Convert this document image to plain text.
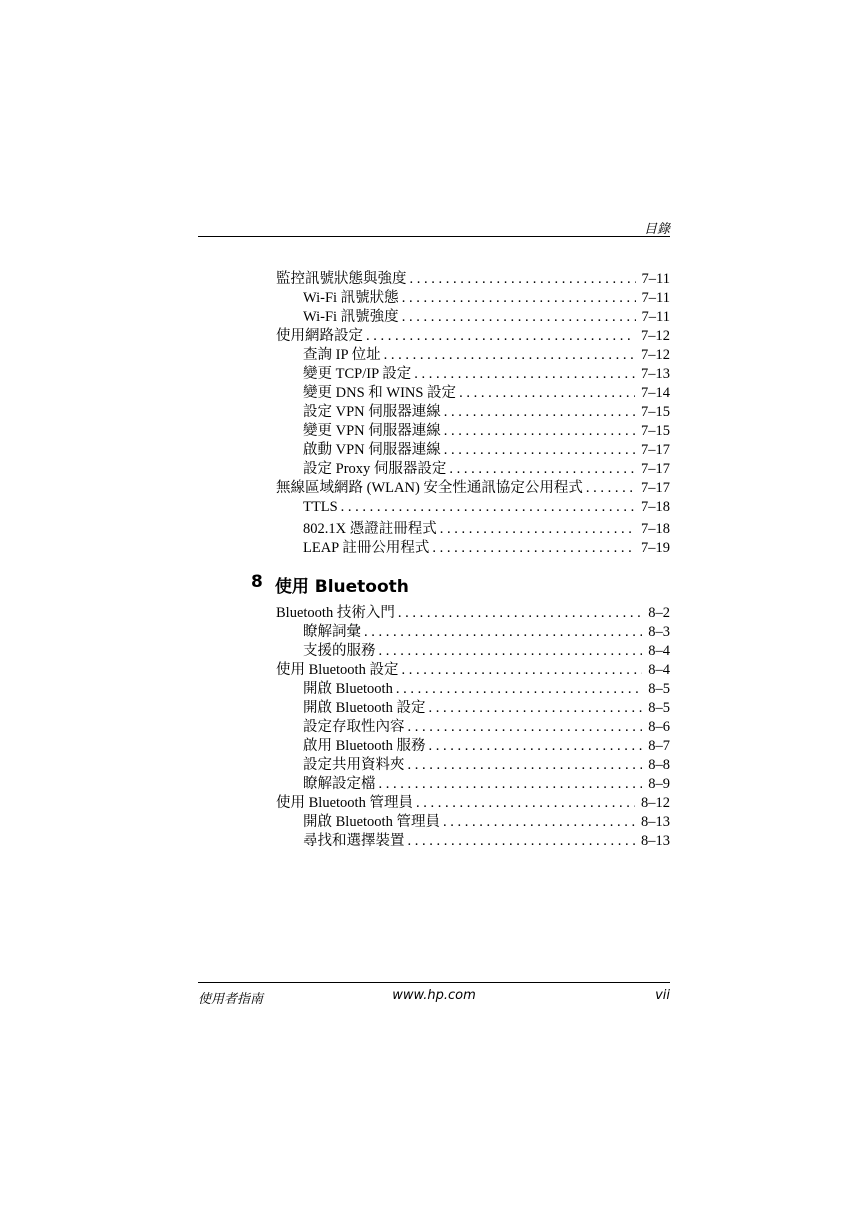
目錄
監控訊號狀態與強度 . . .	7–11
Wi-Fi 訊號狀態 . . .	7–11
Wi-Fi 訊號強度 . . .	7–11
使用網路設定 . . .	7–12
查詢 IP 位址 . . .	7–12
變更 TCP/IP 設定 . . .	7–13
變更 DNS 和 WINS 設定 . . .	7–14
設定 VPN 伺服器連線 . . .	7–15
變更 VPN 伺服器連線 . . .	7–15
啟動 VPN 伺服器連線 . . .	7–17
設定 Proxy 伺服器設定 . . .	7–17
無線區域網路 (WLAN) 安全性通訊協定公用程式 . . .	7–17
TTLS . . .	7–18
802.1X 憑證註冊程式 . . .	7–18
LEAP 註冊公用程式 . . .	7–19
8 使用 Bluetooth
Bluetooth 技術入門 . . .	8–2
瞭解詞彙 . . .	8–3
支援的服務 . . .	8–4
使用 Bluetooth 設定 . . .	8–4
開啟 Bluetooth . . .	8–5
開啟 Bluetooth 設定 . . .	8–5
設定存取性內容 . . .	8–6
啟用 Bluetooth 服務 . . .	8–7
設定共用資料夾 . . .	8–8
瞭解設定檔 . . .	8–9
使用 Bluetooth 管理員 . . .	8–12
開啟 Bluetooth 管理員 . . .	8–13
尋找和選擇裝置 . . .	8–13
使用者指南	www.hp.com	vii
